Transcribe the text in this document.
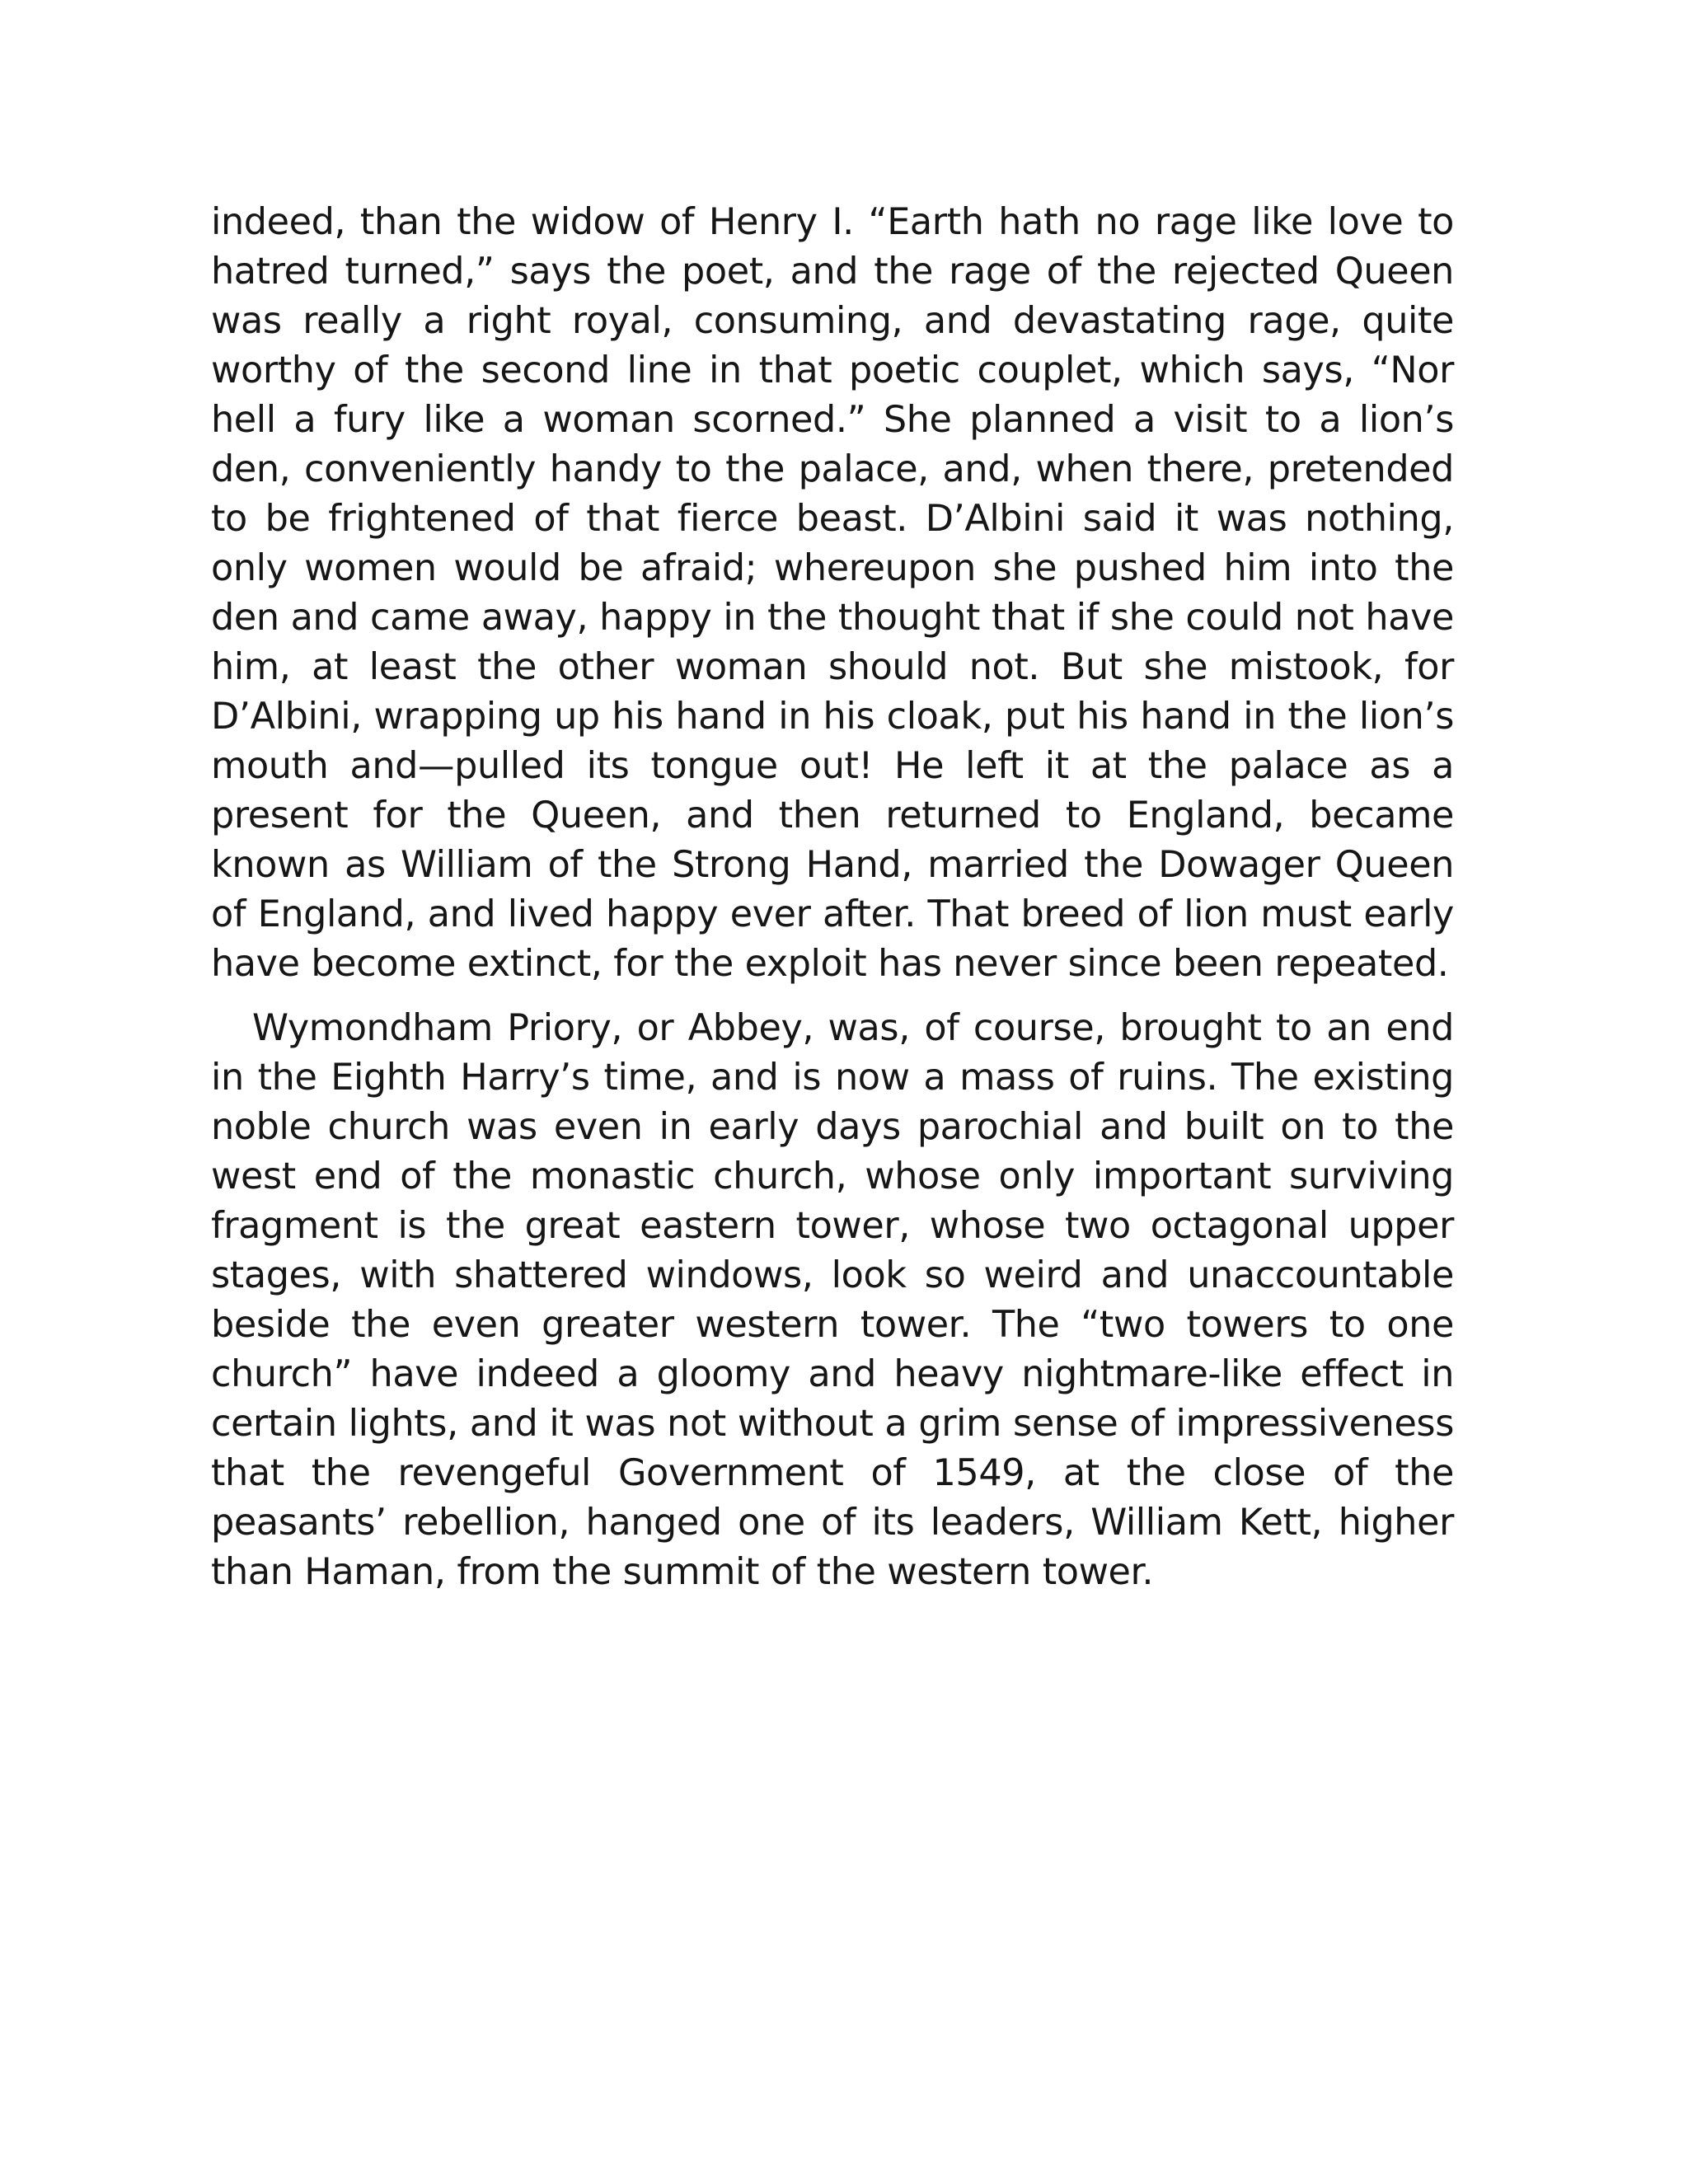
indeed, than the widow of Henry I. “Earth hath no rage like love to hatred turned,” says the poet, and the rage of the rejected Queen was really a right royal, consuming, and devastating rage, quite worthy of the second line in that poetic couplet, which says, “Nor hell a fury like a woman scorned.” She planned a visit to a lion’s den, conveniently handy to the palace, and, when there, pretended to be frightened of that fierce beast. D’Albini said it was nothing, only women would be afraid; whereupon she pushed him into the den and came away, happy in the thought that if she could not have him, at least the other woman should not. But she mistook, for D’Albini, wrapping up his hand in his cloak, put his hand in the lion’s mouth and—pulled its tongue out! He left it at the palace as a present for the Queen, and then returned to England, became known as William of the Strong Hand, married the Dowager Queen of England, and lived happy ever after. That breed of lion must early have become extinct, for the exploit has never since been repeated.

Wymondham Priory, or Abbey, was, of course, brought to an end in the Eighth Harry’s time, and is now a mass of ruins. The existing noble church was even in early days parochial and built on to the west end of the monastic church, whose only important surviving fragment is the great eastern tower, whose two octagonal upper stages, with shattered windows, look so weird and unaccountable beside the even greater western tower. The “two towers to one church” have indeed a gloomy and heavy nightmare-like effect in certain lights, and it was not without a grim sense of impressiveness that the revengeful Government of 1549, at the close of the peasants’ rebellion, hanged one of its leaders, William Kett, higher than Haman, from the summit of the western tower.
